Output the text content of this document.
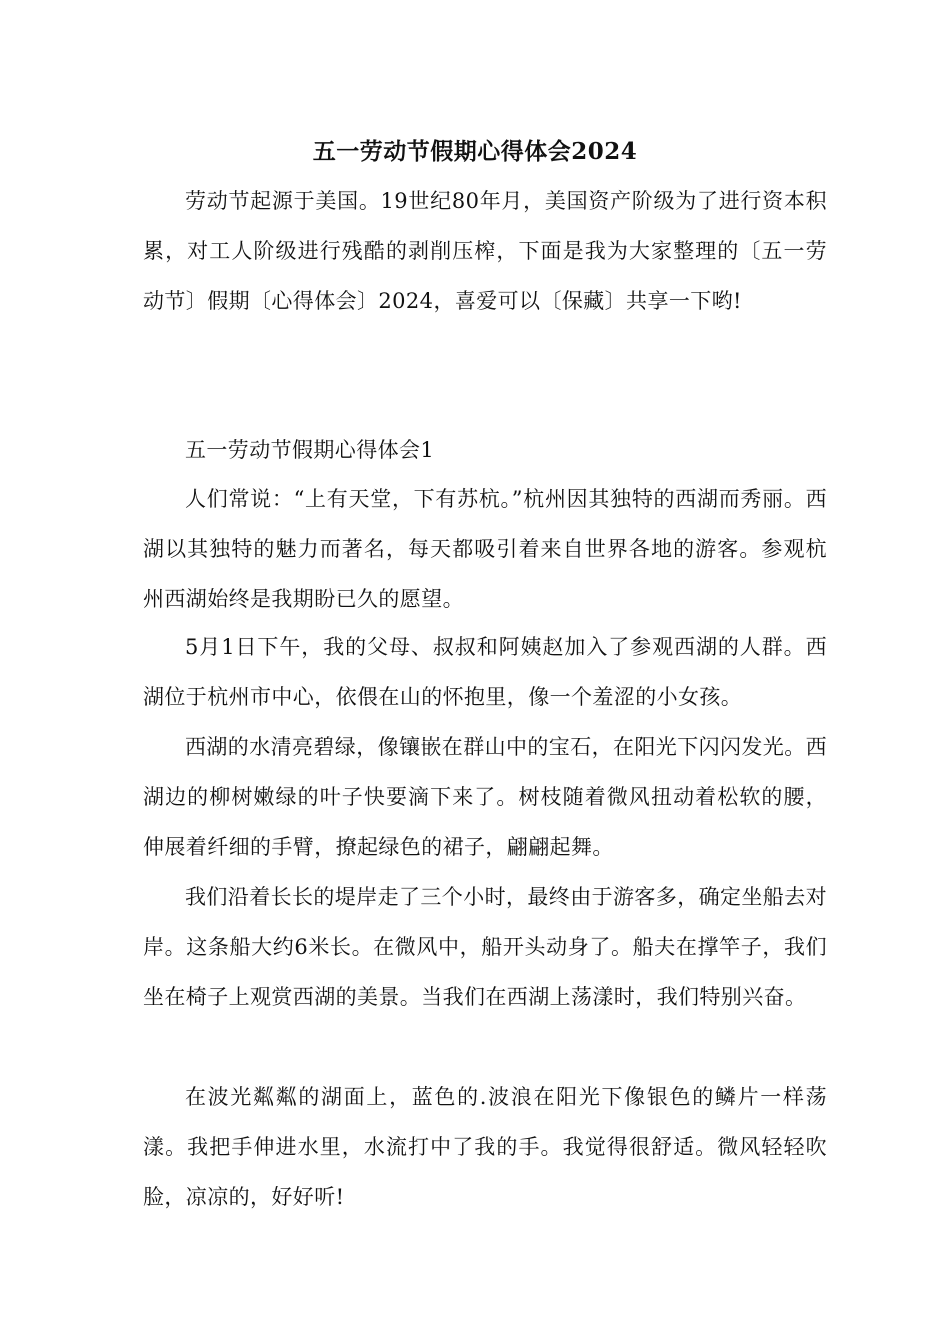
五一劳动节假期心得体会2024
劳动节起源于美国。19世纪80年月，美国资产阶级为了进行资本积累，对工人阶级进行残酷的剥削压榨，下面是我为大家整理的〔五一劳动节〕假期〔心得体会〕2024，喜爱可以〔保藏〕共享一下哟!
五一劳动节假期心得体会1
人们常说：“上有天堂，下有苏杭。”杭州因其独特的西湖而秀丽。西湖以其独特的魅力而著名，每天都吸引着来自世界各地的游客。参观杭州西湖始终是我期盼已久的愿望。
5月1日下午，我的父母、叔叔和阿姨赵加入了参观西湖的人群。西湖位于杭州市中心，依偎在山的怀抱里，像一个羞涩的小女孩。
西湖的水清亮碧绿，像镶嵌在群山中的宝石，在阳光下闪闪发光。西湖边的柳树嫩绿的叶子快要滴下来了。树枝随着微风扭动着松软的腰，伸展着纤细的手臂，撩起绿色的裙子，翩翩起舞。
我们沿着长长的堤岸走了三个小时，最终由于游客多，确定坐船去对岸。这条船大约6米长。在微风中，船开头动身了。船夫在撑竿子，我们坐在椅子上观赏西湖的美景。当我们在西湖上荡漾时，我们特别兴奋。
在波光粼粼的湖面上，蓝色的.波浪在阳光下像银色的鳞片一样荡漾。我把手伸进水里，水流打中了我的手。我觉得很舒适。微风轻轻吹脸，凉凉的，好好听!
